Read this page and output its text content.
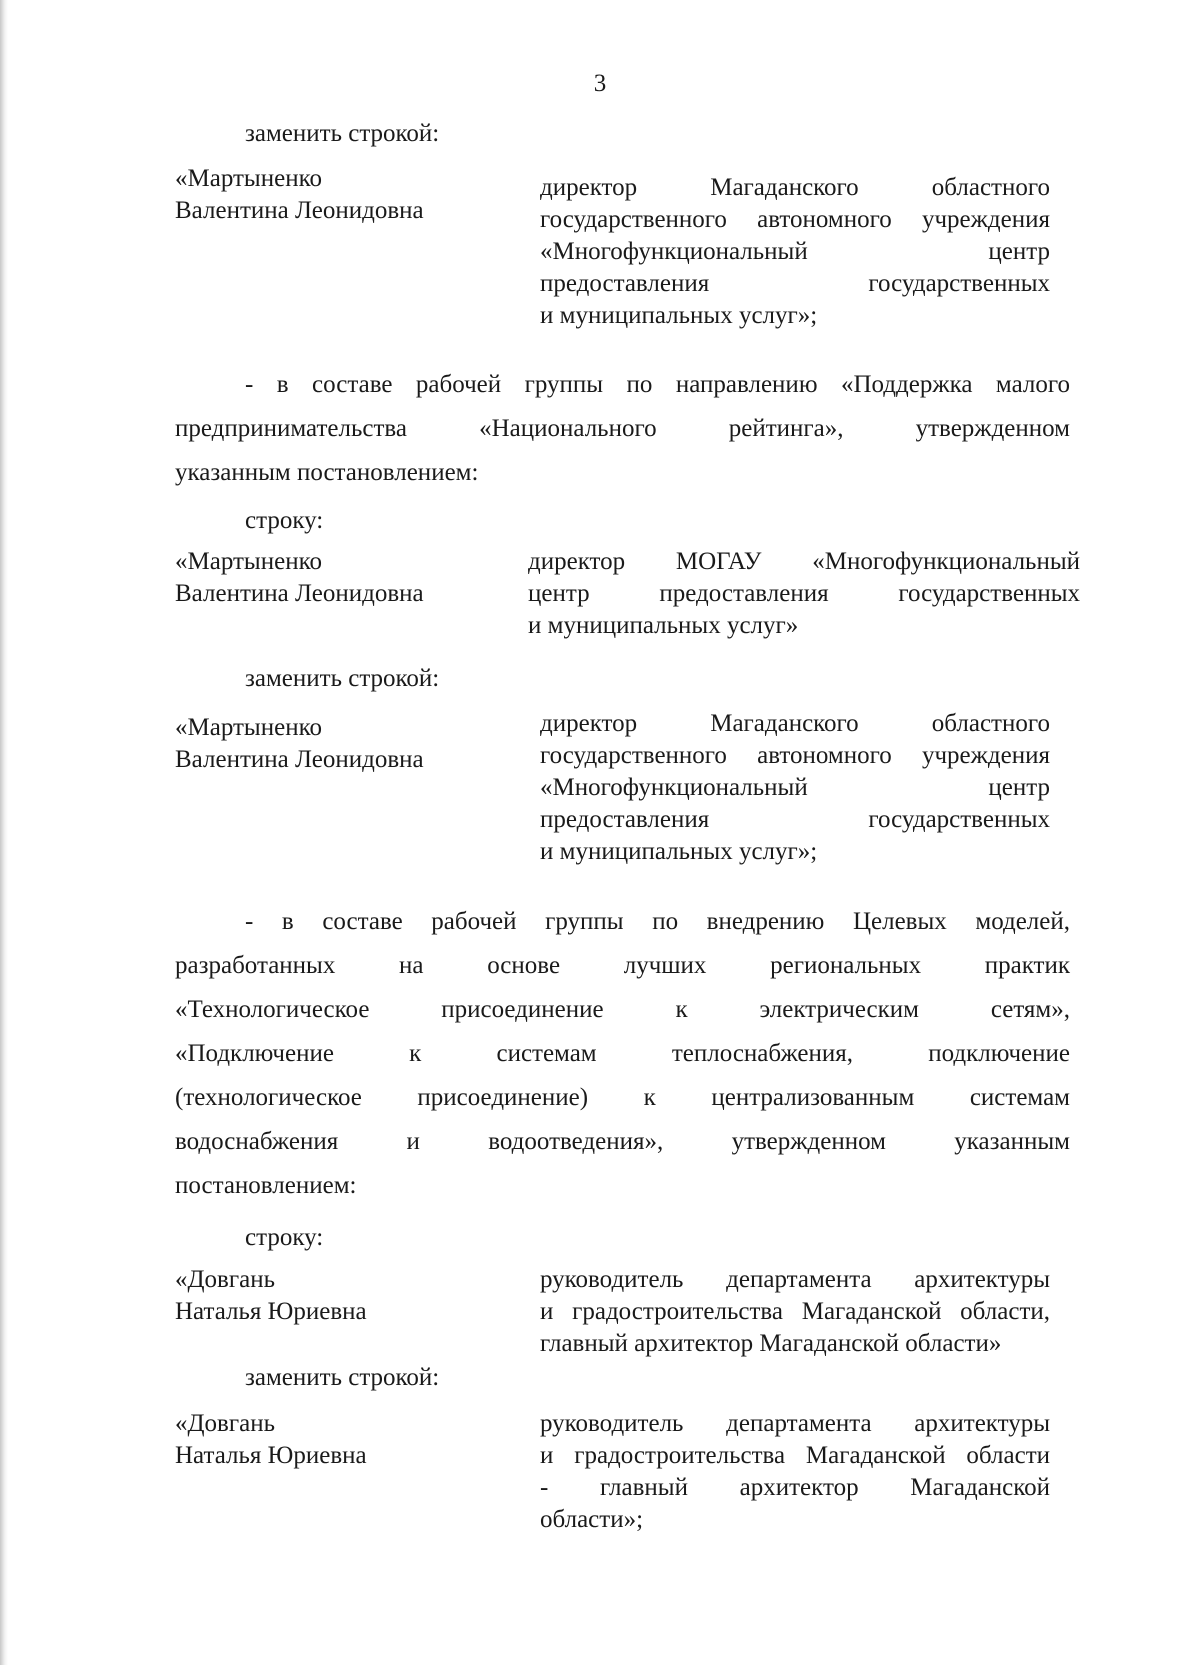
3
заменить строкой:
«Мартыненко
Валентина Леонидовна
директор Магаданского областного
государственного автономного учреждения
«Многофункциональный центр
предоставления государственных
и муниципальных услуг»;
- в составе рабочей группы по направлению «Поддержка малого
предпринимательства «Национального рейтинга», утвержденном
указанным постановлением:
строку:
«Мартыненко
Валентина Леонидовна
директор МОГАУ «Многофункциональный
центр предоставления государственных
и муниципальных услуг»
заменить строкой:
«Мартыненко
Валентина Леонидовна
директор Магаданского областного
государственного автономного учреждения
«Многофункциональный центр
предоставления государственных
и муниципальных услуг»;
- в составе рабочей группы по внедрению Целевых моделей,
разработанных на основе лучших региональных практик
«Технологическое присоединение к электрическим сетям»,
«Подключение к системам теплоснабжения, подключение
(технологическое присоединение) к централизованным системам
водоснабжения и водоотведения», утвержденном указанным
постановлением:
строку:
«Довгань
Наталья Юриевна
руководитель департамента архитектуры
и градостроительства Магаданской области,
главный архитектор Магаданской области»
заменить строкой:
«Довгань
Наталья Юриевна
руководитель департамента архитектуры
и градостроительства Магаданской области
- главный архитектор Магаданской
области»;
